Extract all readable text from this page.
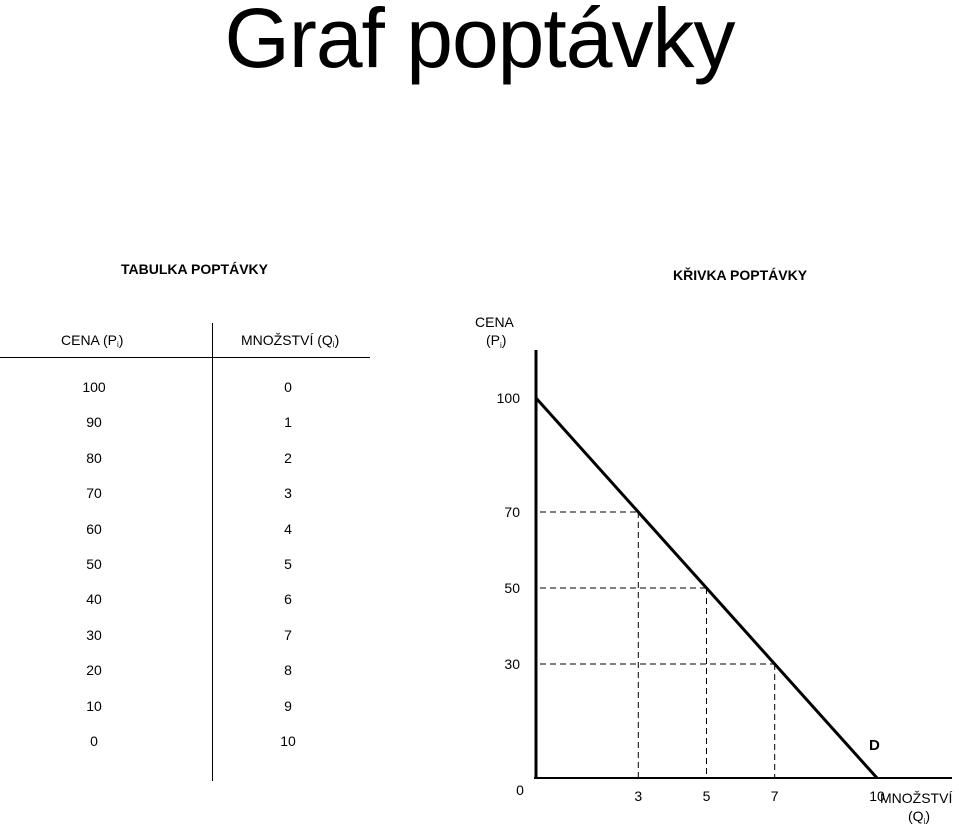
Graf poptávky
TABULKA POPTÁVKY
CENA $(P_i)$	MNOŽSTVÍ $(Q_i)$
100	0
90	1
80	2
70	3
60	4
50	5
40	6
30	7
20	8
10	9
0	10
KŘIVKA POPTÁVKY
CENA
$(P_i)$
100
70
50
30
0	3	5	7	10
D
MNOŽSTVÍ
$(Q_i)$
